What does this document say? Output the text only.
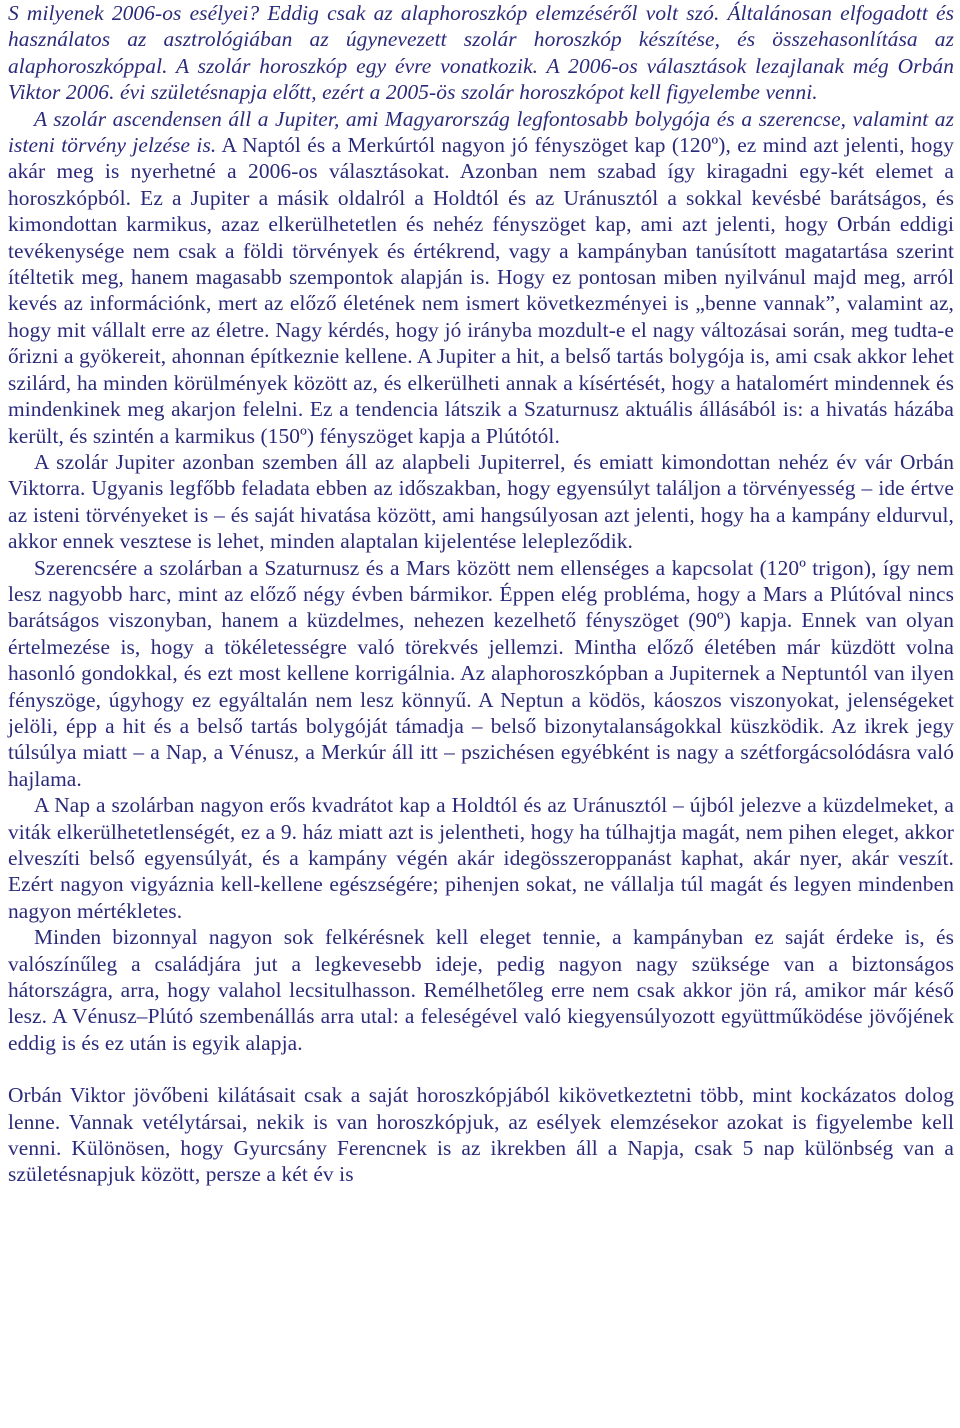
S milyenek 2006-os esélyei? Eddig csak az alaphoroszkóp elemzéséről volt szó. Általánosan elfogadott és használatos az asztrológiában az úgynevezett szolár horoszkóp készítése, és összehasonlítása az alaphoroszkóppal. A szolár horoszkóp egy évre vonatkozik. A 2006-os választások lezajlanak még Orbán Viktor 2006. évi születésnapja előtt, ezért a 2005-ös szolár horoszkópot kell figyelembe venni.

A szolár ascendensen áll a Jupiter, ami Magyarország legfontosabb bolygója és a szerencse, valamint az isteni törvény jelzése is. A Naptól és a Merkúrtól nagyon jó fényszöget kap (120º), ez mind azt jelenti, hogy akár meg is nyerhetné a 2006-os választásokat. Azonban nem szabad így kiragadni egy-két elemet a horoszkópból. Ez a Jupiter a másik oldalról a Holdtól és az Uránusztól a sokkal kevésbé barátságos, és kimondottan karmikus, azaz elkerülhetetlen és nehéz fényszöget kap, ami azt jelenti, hogy Orbán eddigi tevékenysége nem csak a földi törvények és értékrend, vagy a kampányban tanúsított magatartása szerint ítéltetik meg, hanem magasabb szempontok alapján is. Hogy ez pontosan miben nyilvánul majd meg, arról kevés az információnk, mert az előző életének nem ismert következményei is „benne vannak”, valamint az, hogy mit vállalt erre az életre. Nagy kérdés, hogy jó irányba mozdult-e el nagy változásai során, meg tudta-e őrizni a gyökereit, ahonnan építkeznie kellene. A Jupiter a hit, a belső tartás bolygója is, ami csak akkor lehet szilárd, ha minden körülmények között az, és elkerülheti annak a kísértését, hogy a hatalomért mindennek és mindenkinek meg akarjon felelni. Ez a tendencia látszik a Szaturnusz aktuális állásából is: a hivatás házába került, és szintén a karmikus (150º) fényszöget kapja a Plútótól.

A szolár Jupiter azonban szemben áll az alapbeli Jupiterrel, és emiatt kimondottan nehéz év vár Orbán Viktorra. Ugyanis legfőbb feladata ebben az időszakban, hogy egyensúlyt találjon a törvényesség – ide értve az isteni törvényeket is – és saját hivatása között, ami hangsúlyosan azt jelenti, hogy ha a kampány eldurvul, akkor ennek vesztese is lehet, minden alaptalan kijelentése lelepleződik.

Szerencsére a szolárban a Szaturnusz és a Mars között nem ellenséges a kapcsolat (120º trigon), így nem lesz nagyobb harc, mint az előző négy évben bármikor. Éppen elég probléma, hogy a Mars a Plútóval nincs barátságos viszonyban, hanem a küzdelmes, nehezen kezelhető fényszöget (90º) kapja. Ennek van olyan értelmezése is, hogy a tökéletességre való törekvés jellemzi. Mintha előző életében már küzdött volna hasonló gondokkal, és ezt most kellene korrigálnia. Az alaphoroszkópban a Jupiternek a Neptuntól van ilyen fényszöge, úgyhogy ez egyáltalán nem lesz könnyű. A Neptun a ködös, káoszos viszonyokat, jelenségeket jelöli, épp a hit és a belső tartás bolygóját támadja – belső bizonytalanságokkal küszködik. Az ikrek jegy túlsúlya miatt – a Nap, a Vénusz, a Merkúr áll itt – pszichésen egyébként is nagy a szétforgácsolódásra való hajlama.

A Nap a szolárban nagyon erős kvadrátot kap a Holdtól és az Uránusztól – újból jelezve a küzdelmeket, a viták elkerülhetetlenségét, ez a 9. ház miatt azt is jelentheti, hogy ha túlhajtja magát, nem pihen eleget, akkor elveszíti belső egyensúlyát, és a kampány végén akár idegösszeroppanást kaphat, akár nyer, akár veszít. Ezért nagyon vigyáznia kell-kellene egészségére; pihenjen sokat, ne vállalja túl magát és legyen mindenben nagyon mértékletes.

Minden bizonnyal nagyon sok felkérésnek kell eleget tennie, a kampányban ez saját érdeke is, és valószínűleg a családjára jut a legkevesebb ideje, pedig nagyon nagy szüksége van a biztonságos hátországra, arra, hogy valahol lecsitulhasson. Remélhetőleg erre nem csak akkor jön rá, amikor már késő lesz. A Vénusz–Plútó szembenállás arra utal: a feleségével való kiegyensúlyozott együttműködése jövőjének eddig is és ez után is egyik alapja.

Orbán Viktor jövőbeni kilátásait csak a saját horoszkópjából kikövetkeztetni több, mint kockázatos dolog lenne. Vannak vetélytársai, nekik is van horoszkópjuk, az esélyek elemzésekor azokat is figyelembe kell venni. Különösen, hogy Gyurcsány Ferencnek is az ikrekben áll a Napja, csak 5 nap különbség van a születésnapjuk között, persze a két év is
